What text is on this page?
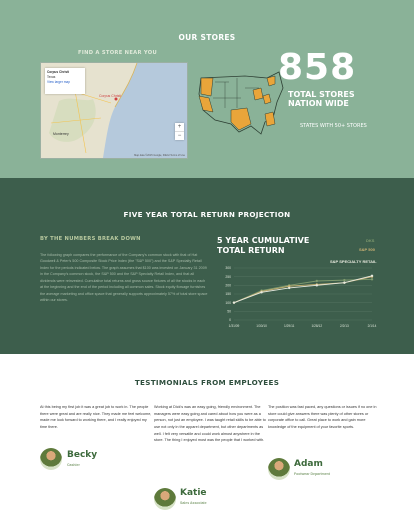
OUR STORES
FIND A STORE NEAR YOU
Corpus Christi
Texas
View larger map
Corpus Christi
Monterrey
+
−
Map data ©2015 Google, INEGI Terms of Use
858
TOTAL STORES
NATION WIDE
STATES WITH 50+ STORES
FIVE YEAR TOTAL RETURN PROJECTION
BY THE NUMBERS BREAK DOWN
The following graph compares the performance of the Company's common stock with that of Hat Goodwell & Peter's 500 Composite Stock Price Index (the "S&P 500") and the S&P Specialty Retail Index for the periods indicated below. The graph assumes that $100 was invested on January 31 2009 in the Company's common stock, the S&P 500 and the S&P Specialty Retail Index, and that all dividends were reinvested. Cumulative total returns and gross source fixtures of all the stocks in each at the beginning and the end of the period including all common sales. Stock equity flowage furnishes the average marketing and office space that generally supports approximately 57% of total store space within our stores.
5 YEAR CUMULATIVE
TOTAL RETURN
DKS
S&P 500
S&P SPECIALTY RETAIL
0
50
100
150
200
250
300
1/31/09	1/30/10	1/29/11	1/28/12	2/2/13	2/1/14
TESTIMONIALS FROM EMPLOYEES
At this being my first job it was a great job to work in. The people there were great and are really nice. They made me feel welcome, made me look forward to working there, and I really enjoyed my time there.
Becky
Cashier
Working at Dick's was an easy going, friendly environment. The managers were easy going and cared about how you were as a person, not just an employee. I was taught retail skills to be able to use not only in the apparel department, but other departments as well. I felt very versatile and could work almost anywhere in the store. The thing I enjoyed most was the people that I worked with.
Katie
Sales Associate
The position was fast paced, any questions or issues if no one in store could give answers there was plenty of other stores or corporate office to call. Great place to work and gain more knowledge of the equipment of your favorite sports.
Adam
Footwear Department
